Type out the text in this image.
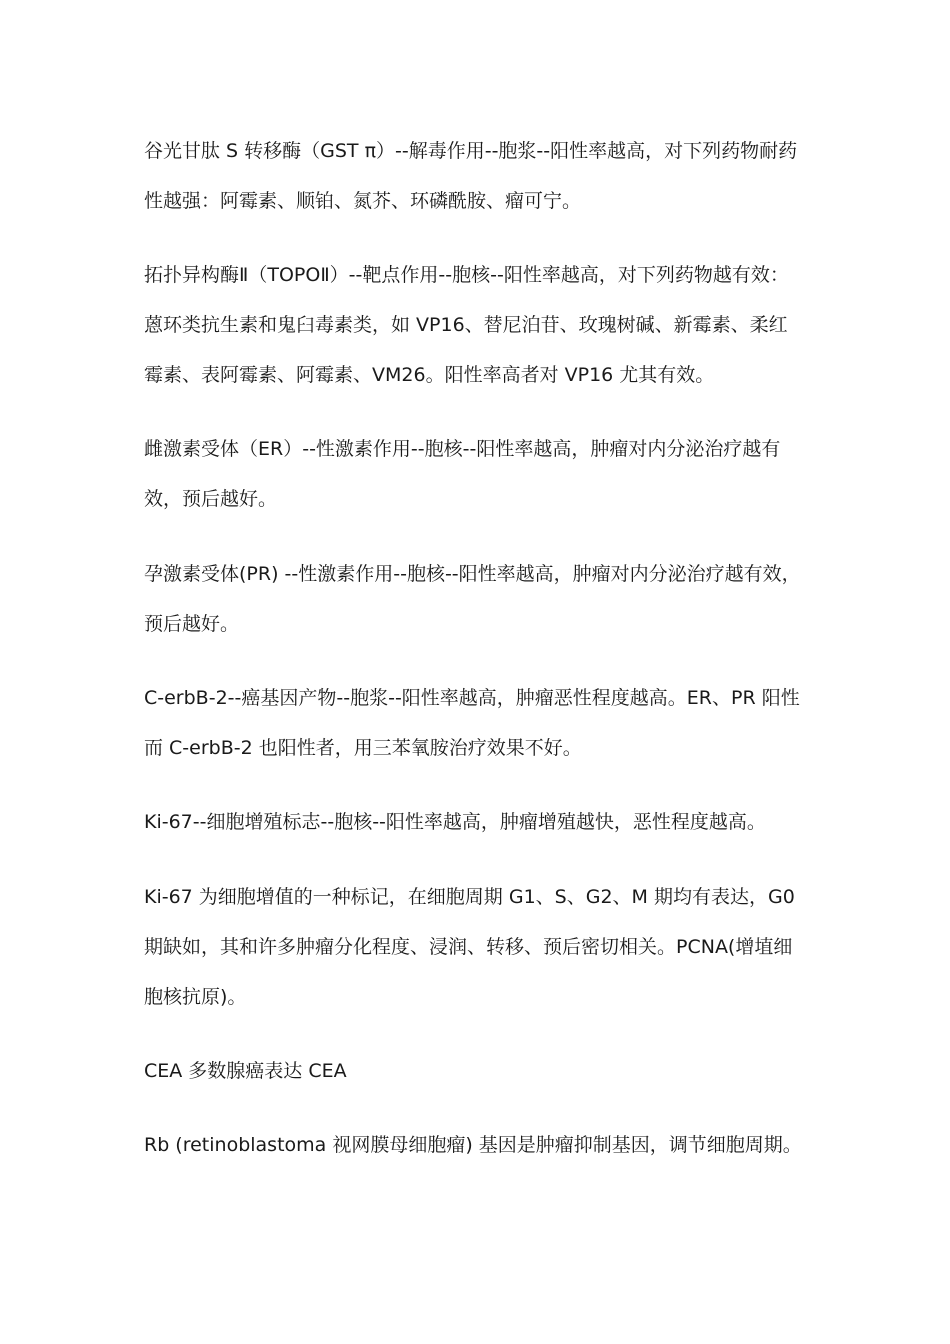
谷光甘肽 S 转移酶（GST π）--解毒作用--胞浆--阳性率越高，对下列药物耐药
性越强：阿霉素、顺铂、氮芥、环磷酰胺、瘤可宁。

拓扑异构酶Ⅱ（TOPOⅡ）--靶点作用--胞核--阳性率越高，对下列药物越有效：
蒽环类抗生素和鬼臼毒素类，如 VP16、替尼泊苷、玫瑰树碱、新霉素、柔红
霉素、表阿霉素、阿霉素、VM26。阳性率高者对 VP16 尤其有效。

雌激素受体（ER）--性激素作用--胞核--阳性率越高，肿瘤对内分泌治疗越有
效，预后越好。

孕激素受体(PR) --性激素作用--胞核--阳性率越高，肿瘤对内分泌治疗越有效，
预后越好。

C-erbB-2--癌基因产物--胞浆--阳性率越高，肿瘤恶性程度越高。ER、PR 阳性
而 C-erbB-2 也阳性者，用三苯氧胺治疗效果不好。

Ki-67--细胞增殖标志--胞核--阳性率越高，肿瘤增殖越快，恶性程度越高。

Ki-67 为细胞增值的一种标记，在细胞周期 G1、S、G2、M 期均有表达，G0
期缺如，其和许多肿瘤分化程度、浸润、转移、预后密切相关。PCNA(增埴细
胞核抗原)。

CEA 多数腺癌表达 CEA

Rb (retinoblastoma 视网膜母细胞瘤) 基因是肿瘤抑制基因，调节细胞周期。
